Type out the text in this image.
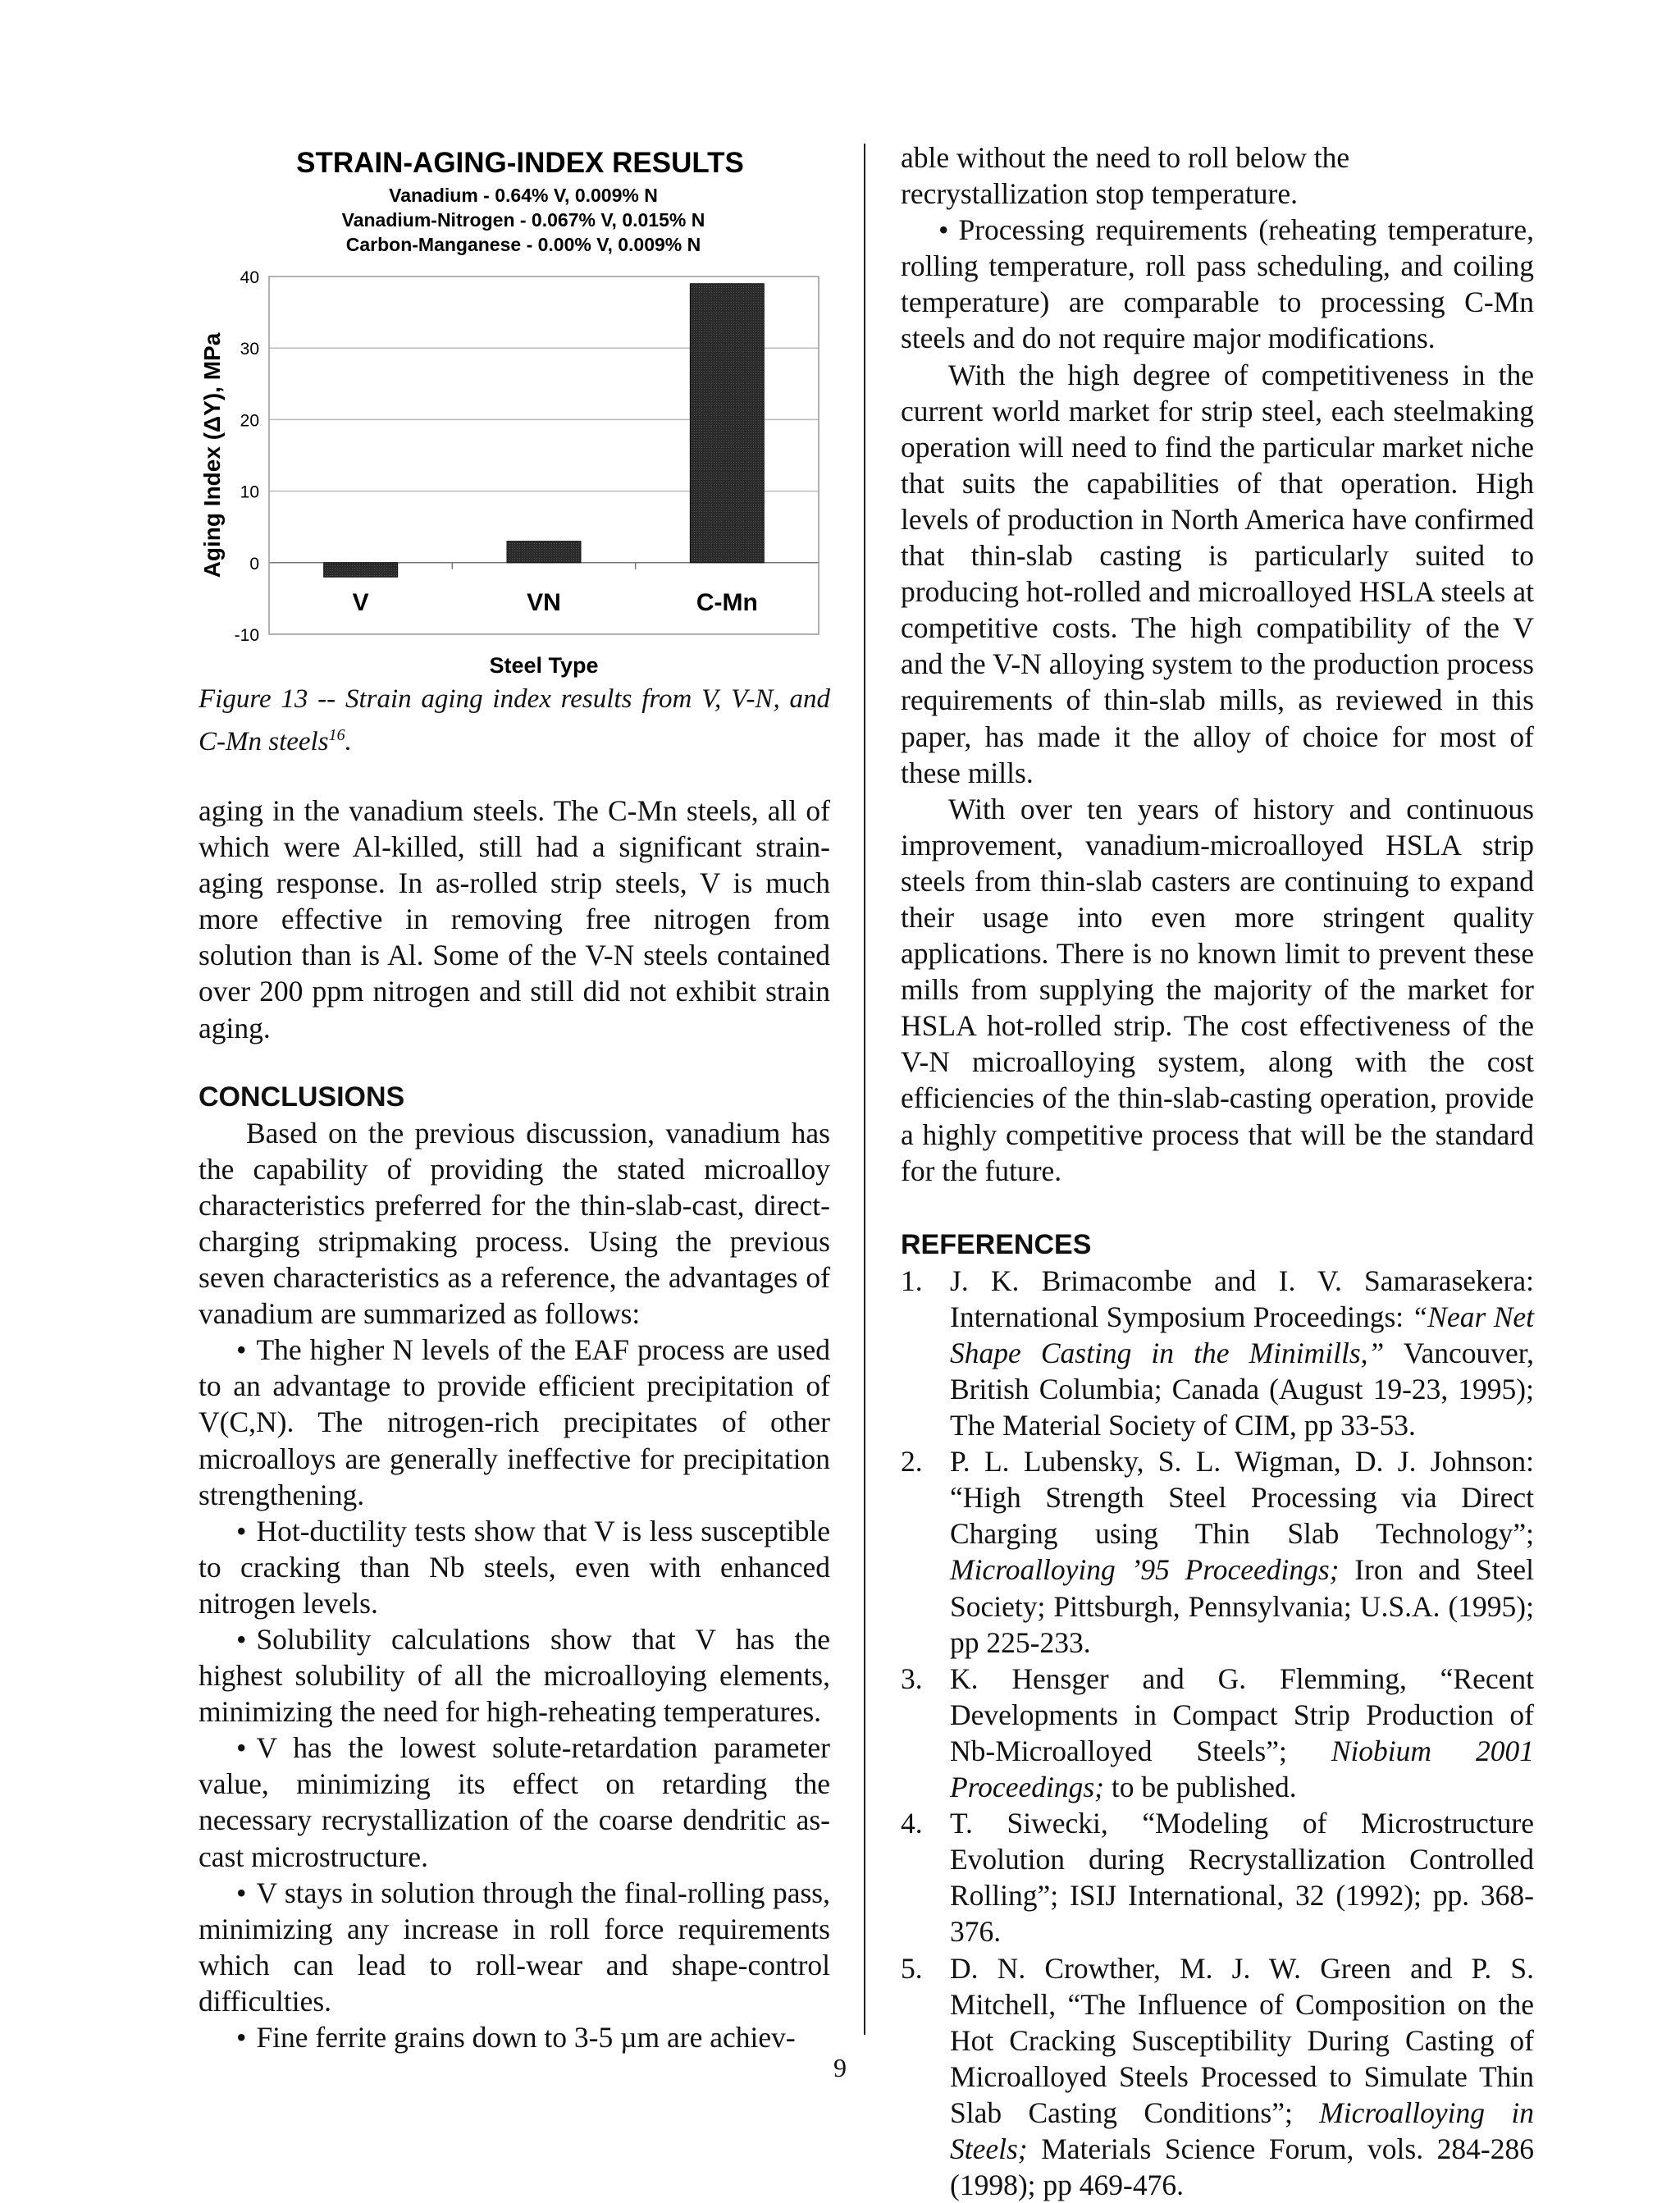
STRAIN-AGING-INDEX RESULTS
Vanadium - 0.64% V, 0.009% N
Vanadium-Nitrogen - 0.067% V, 0.015% N
Carbon-Manganese - 0.00% V, 0.009% N
-10
0
10
20
30
40
V	VN	C-Mn
Aging Index (ΔY), MPa
Steel Type

Figure 13 -- Strain aging index results from V, V-N, and C-Mn steels$^{16}$.

aging in the vanadium steels. The C-Mn steels, all of which were Al-killed, still had a significant strain-aging response. In as-rolled strip steels, V is much more effective in removing free nitrogen from solution than is Al. Some of the V-N steels contained over 200 ppm nitrogen and still did not exhibit strain aging.

CONCLUSIONS

Based on the previous discussion, vanadium has the capability of providing the stated microalloy characteristics preferred for the thin-slab-cast, direct-charging stripmaking process. Using the previous seven characteristics as a reference, the advantages of vanadium are summarized as follows:

• The higher N levels of the EAF process are used to an advantage to provide efficient precipitation of V(C,N). The nitrogen-rich precipitates of other microalloys are generally ineffective for precipitation strengthening.

• Hot-ductility tests show that V is less susceptible to cracking than Nb steels, even with enhanced nitrogen levels.

• Solubility calculations show that V has the highest solubility of all the microalloying elements, minimizing the need for high-reheating temperatures.

• V has the lowest solute-retardation parameter value, minimizing its effect on retarding the necessary recrystallization of the coarse dendritic as-cast microstructure.

• V stays in solution through the final-rolling pass, minimizing any increase in roll force requirements which can lead to roll-wear and shape-control difficulties.

• Fine ferrite grains down to 3-5 µm are achiev-

able without the need to roll below the recrystallization stop temperature.

• Processing requirements (reheating temperature, rolling temperature, roll pass scheduling, and coiling temperature) are comparable to processing C-Mn steels and do not require major modifications.

With the high degree of competitiveness in the current world market for strip steel, each steelmaking operation will need to find the particular market niche that suits the capabilities of that operation. High levels of production in North America have confirmed that thin-slab casting is particularly suited to producing hot-rolled and microalloyed HSLA steels at competitive costs. The high compatibility of the V and the V-N alloying system to the production process requirements of thin-slab mills, as reviewed in this paper, has made it the alloy of choice for most of these mills.

With over ten years of history and continuous improvement, vanadium-microalloyed HSLA strip steels from thin-slab casters are continuing to expand their usage into even more stringent quality applications. There is no known limit to prevent these mills from supplying the majority of the market for HSLA hot-rolled strip. The cost effectiveness of the V-N microalloying system, along with the cost efficiencies of the thin-slab-casting operation, provide a highly competitive process that will be the standard for the future.

REFERENCES
1. J. K. Brimacombe and I. V. Samarasekera: International Symposium Proceedings: “Near Net Shape Casting in the Minimills,” Vancouver, British Columbia; Canada (August 19-23, 1995); The Material Society of CIM, pp 33-53.
2. P. L. Lubensky, S. L. Wigman, D. J. Johnson: “High Strength Steel Processing via Direct Charging using Thin Slab Technology”; Microalloying ’95 Proceedings; Iron and Steel Society; Pittsburgh, Pennsylvania; U.S.A. (1995); pp 225-233.
3. K. Hensger and G. Flemming, “Recent Developments in Compact Strip Production of Nb-Microalloyed Steels”; Niobium 2001 Proceedings; to be published.
4. T. Siwecki, “Modeling of Microstructure Evolution during Recrystallization Controlled Rolling”; ISIJ International, 32 (1992); pp. 368-376.
5. D. N. Crowther, M. J. W. Green and P. S. Mitchell, “The Influence of Composition on the Hot Cracking Susceptibility During Casting of Microalloyed Steels Processed to Simulate Thin Slab Casting Conditions”; Microalloying in Steels; Materials Science Forum, vols. 284-286 (1998); pp 469-476.
9
